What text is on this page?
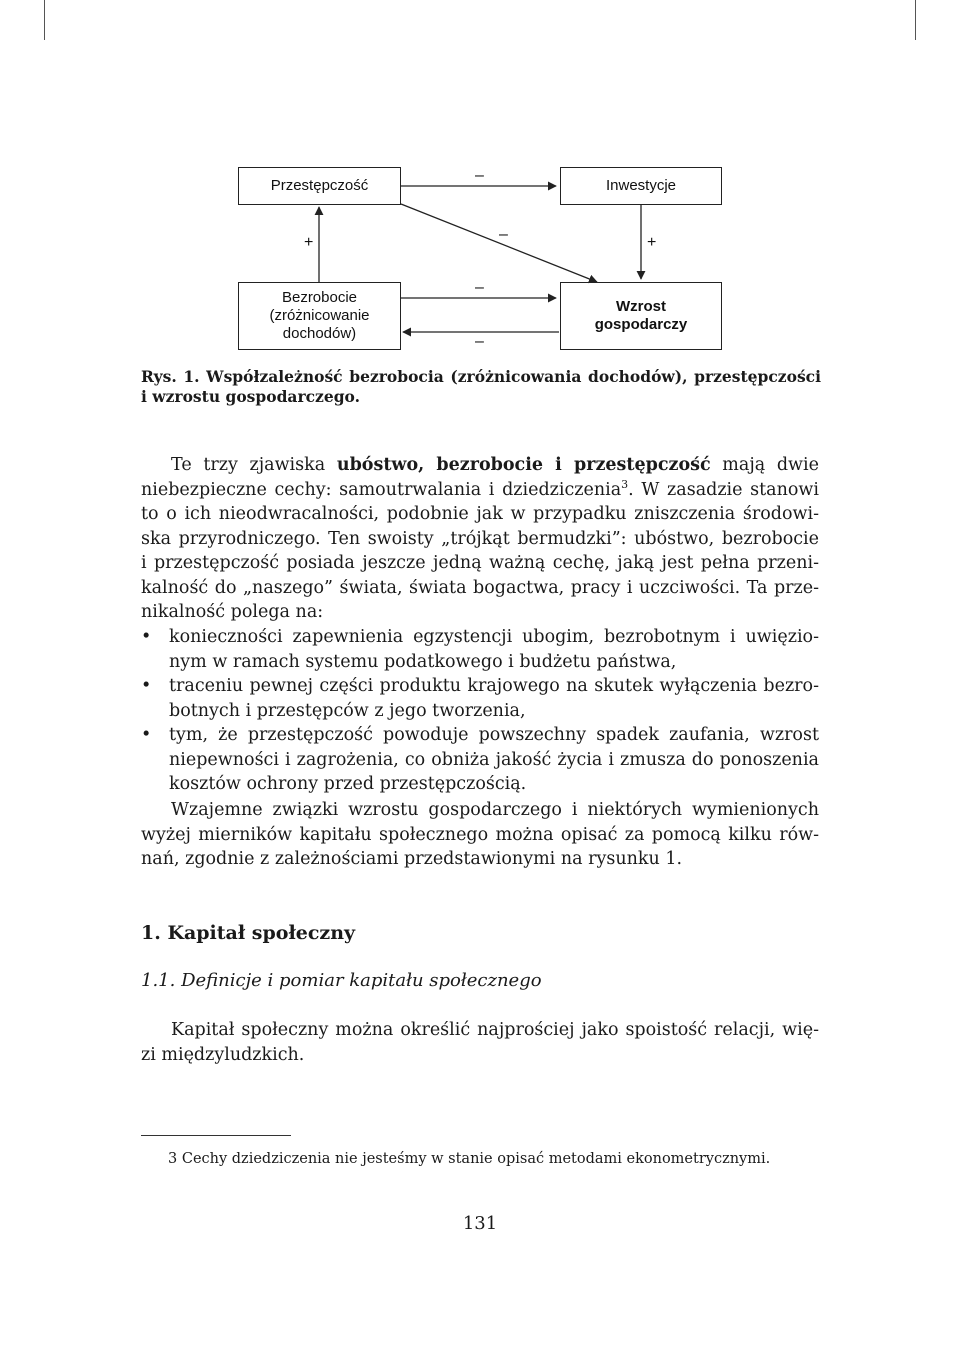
Przestępczość	Inwestycje
Bezrobocie
(zróżnicowanie
dochodów)
Wzrost
gospodarczy
–
–
+	+
–
–
Rys. 1. Współzależność bezrobocia (zróżnicowania dochodów), przestępczości
i wzrostu gospodarczego.
Te trzy zjawiska ubóstwo, bezrobocie i przestępczość mają dwie
niebezpieczne cechy: samoutrwalania i dziedziczenia$^3$. W zasadzie stanowi
to o ich nieodwracalności, podobnie jak w przypadku zniszczenia środowi-
ska przyrodniczego. Ten swoisty „trójkąt bermudzki”: ubóstwo, bezrobocie
i przestępczość posiada jeszcze jedną ważną cechę, jaką jest pełna przeni-
kalność do „naszego” świata, świata bogactwa, pracy i uczciwości. Ta prze-
nikalność polega na:
• konieczności zapewnienia egzystencji ubogim, bezrobotnym i uwięzio-
nym w ramach systemu podatkowego i budżetu państwa,
• traceniu pewnej części produktu krajowego na skutek wyłączenia bezro-
botnych i przestępców z jego tworzenia,
• tym, że przestępczość powoduje powszechny spadek zaufania, wzrost
niepewności i zagrożenia, co obniża jakość życia i zmusza do ponoszenia
kosztów ochrony przed przestępczością.
Wzajemne związki wzrostu gospodarczego i niektórych wymienionych
wyżej mierników kapitału społecznego można opisać za pomocą kilku rów-
nań, zgodnie z zależnościami przedstawionymi na rysunku 1.
1. Kapitał społeczny
1.1. Definicje i pomiar kapitału społecznego
Kapitał społeczny można określić najprościej jako spoistość relacji, wię-
zi międzyludzkich.
3 Cechy dziedziczenia nie jesteśmy w stanie opisać metodami ekonometrycznymi.
131
